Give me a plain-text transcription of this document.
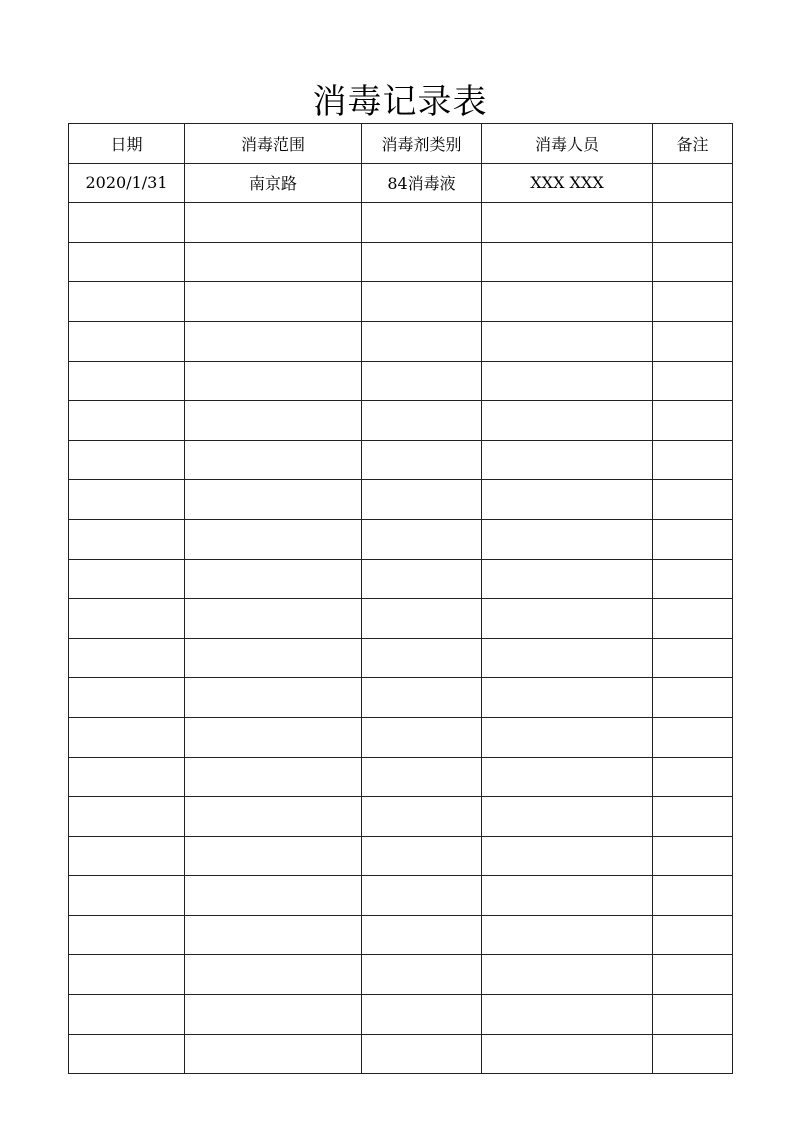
消毒记录表
日期	消毒范围	消毒剂类别	消毒人员	备注
2020/1/31	南京路	84消毒液	XXX XXX	
